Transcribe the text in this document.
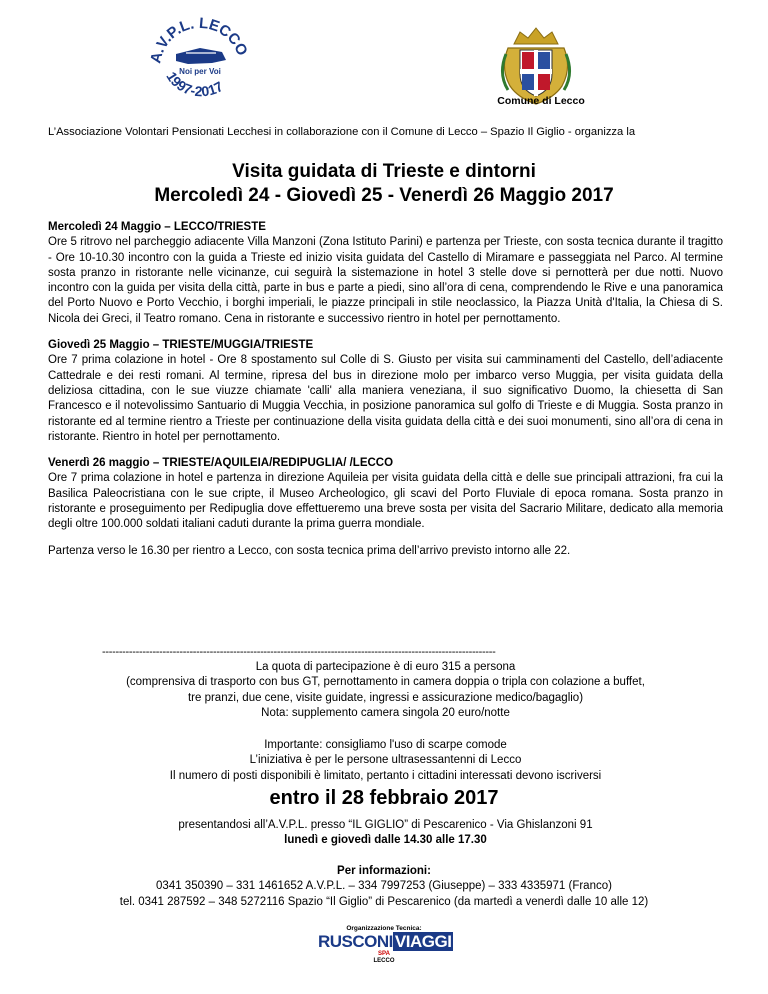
A.V.P.L. LECCO
Noi per Voi
1997-2017
Comune di Lecco
L’Associazione Volontari Pensionati Lecchesi in collaborazione con il Comune di Lecco – Spazio Il Giglio - organizza la
Visita guidata di Trieste e dintorni
Mercoledì 24 - Giovedì 25 - Venerdì 26 Maggio 2017

Mercoledì 24 Maggio – LECCO/TRIESTE
Ore 5 ritrovo nel parcheggio adiacente Villa Manzoni (Zona Istituto Parini) e partenza per Trieste, con sosta tecnica durante il tragitto - Ore 10-10.30 incontro con la guida a Trieste ed inizio visita guidata del Castello di Miramare e passeggiata nel Parco. Al termine sosta pranzo in ristorante nelle vicinanze, cui seguirà la sistemazione in hotel 3 stelle dove si pernotterà per due notti. Nuovo incontro con la guida per visita della città, parte in bus e parte a piedi, sino all’ora di cena, comprendendo le Rive e una panoramica del Porto Nuovo e Porto Vecchio, i borghi imperiali, le piazze principali in stile neoclassico, la Piazza Unità d'Italia, la Chiesa di S. Nicola dei Greci, il Teatro romano. Cena in ristorante e successivo rientro in hotel per pernottamento.

Giovedì 25 Maggio – TRIESTE/MUGGIA/TRIESTE
Ore 7 prima colazione in hotel - Ore 8 spostamento sul Colle di S. Giusto per visita sui camminamenti del Castello, dell’adiacente Cattedrale e dei resti romani. Al termine, ripresa del bus in direzione molo per imbarco verso Muggia, per visita guidata della deliziosa cittadina, con le sue viuzze chiamate 'calli' alla maniera veneziana, il suo significativo Duomo, la chiesetta di San Francesco e il notevolissimo Santuario di Muggia Vecchia, in posizione panoramica sul golfo di Trieste e di Muggia. Sosta pranzo in ristorante ed al termine rientro a Trieste per continuazione della visita guidata della città e dei suoi monumenti, sino all’ora di cena in ristorante. Rientro in hotel per pernottamento.

Venerdì 26 maggio – TRIESTE/AQUILEIA/REDIPUGLIA/ /LECCO
Ore 7 prima colazione in hotel e partenza in direzione Aquileia per visita guidata della città e delle sue principali attrazioni, fra cui la Basilica Paleocristiana con le sue cripte, il Museo Archeologico, gli scavi del Porto Fluviale di epoca romana. Sosta pranzo in ristorante e proseguimento per Redipuglia dove effettueremo una breve sosta per visita del Sacrario Militare, dedicato alla memoria degli oltre 100.000 soldati italiani caduti durante la prima guerra mondiale.

Partenza verso le 16.30 per rientro a Lecco, con sosta tecnica prima dell’arrivo previsto intorno alle 22.

---------------------------------------------------------------------------------------------------------------------
La quota di partecipazione è di euro 315 a persona
(comprensiva di trasporto con bus GT, pernottamento in camera doppia o tripla con colazione a buffet,
tre pranzi, due cene, visite guidate, ingressi e assicurazione medico/bagaglio)
Nota: supplemento camera singola 20 euro/notte
Importante: consigliamo l'uso di scarpe comode
L’iniziativa è per le persone ultrasessantenni di Lecco
Il numero di posti disponibili è limitato, pertanto i cittadini interessati devono iscriversi
entro il 28 febbraio 2017
presentandosi all’A.V.P.L. presso “IL GIGLIO” di Pescarenico - Via Ghislanzoni 91
lunedì e giovedì dalle 14.30 alle 17.30
Per informazioni:
0341 350390 – 331 1461652 A.V.P.L. – 334 7997253 (Giuseppe) – 333 4335971 (Franco)
tel. 0341 287592 – 348 5272116 Spazio “Il Giglio” di Pescarenico (da martedì a venerdì dalle 10 alle 12)
Organizzazione Tecnica:
RUSCONI VIAGGI
SPA
LECCO
